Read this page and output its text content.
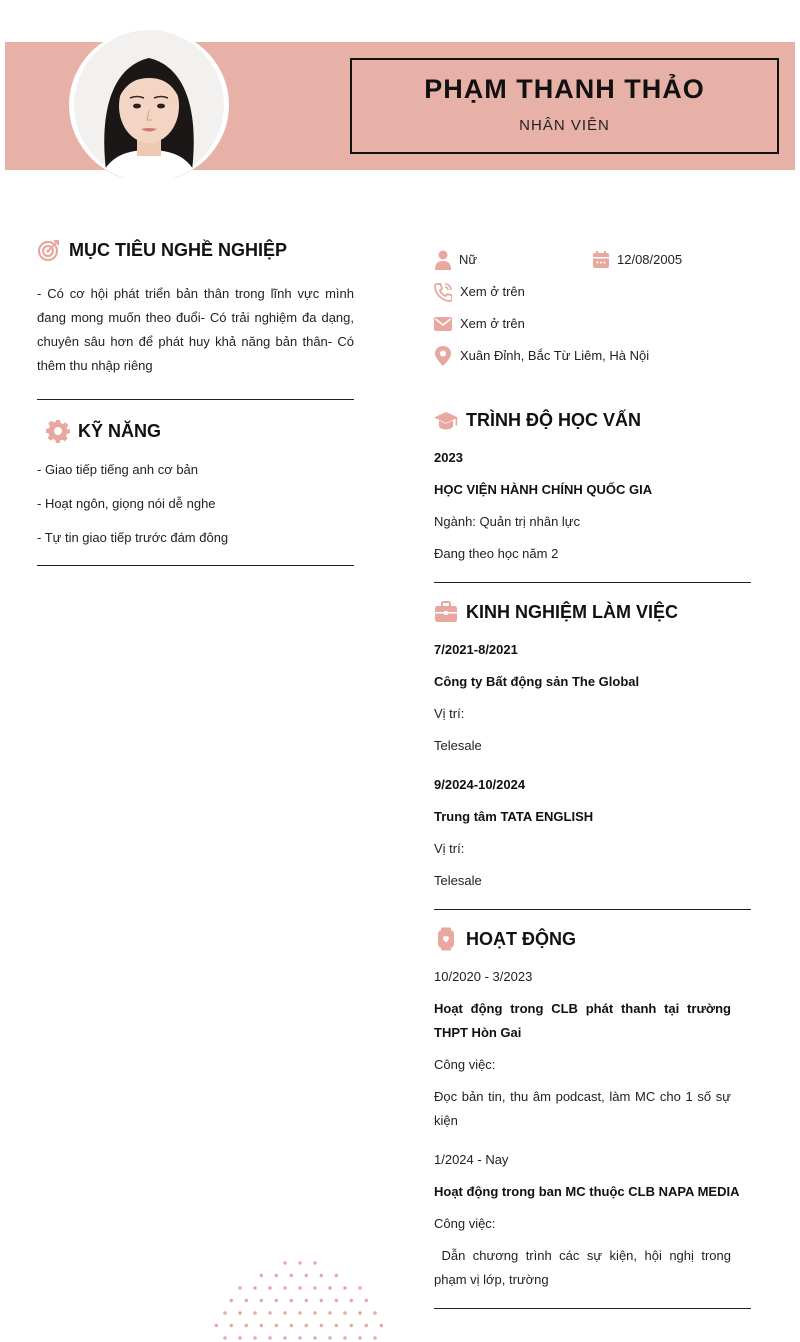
PHẠM THANH THẢO
NHÂN VIÊN
MỤC TIÊU NGHỀ NGHIỆP

- Có cơ hội phát triển bản thân trong lĩnh vực mình đang mong muốn theo đuổi- Có trải nghiệm đa dạng, chuyên sâu hơn để phát huy khả năng bản thân- Có thêm thu nhập riêng

KỸ NĂNG
- Giao tiếp tiếng anh cơ bản
- Hoạt ngôn, giọng nói dễ nghe
- Tự tin giao tiếp trước đám đông
Nữ	12/08/2005
Xem ở trên
Xem ở trên
Xuân Đỉnh, Bắc Từ Liêm, Hà Nội
TRÌNH ĐỘ HỌC VẤN
2023
HỌC VIỆN HÀNH CHÍNH QUỐC GIA
Ngành: Quản trị nhân lực
Đang theo học năm 2
KINH NGHIỆM LÀM VIỆC
7/2021-8/2021
Công ty Bất động sản The Global
Vị trí:
Telesale
9/2024-10/2024
Trung tâm TATA ENGLISH
Vị trí:
Telesale
HOẠT ĐỘNG
10/2020 - 3/2023
Hoạt động trong CLB phát thanh tại trường THPT Hòn Gai
Công việc:
Đọc bản tin, thu âm podcast, làm MC cho 1 số sự kiện
1/2024 - Nay
Hoạt động trong ban MC thuộc CLB NAPA MEDIA
Công việc:
Dẫn chương trình các sự kiện, hội nghị trong phạm vị lớp, trường
